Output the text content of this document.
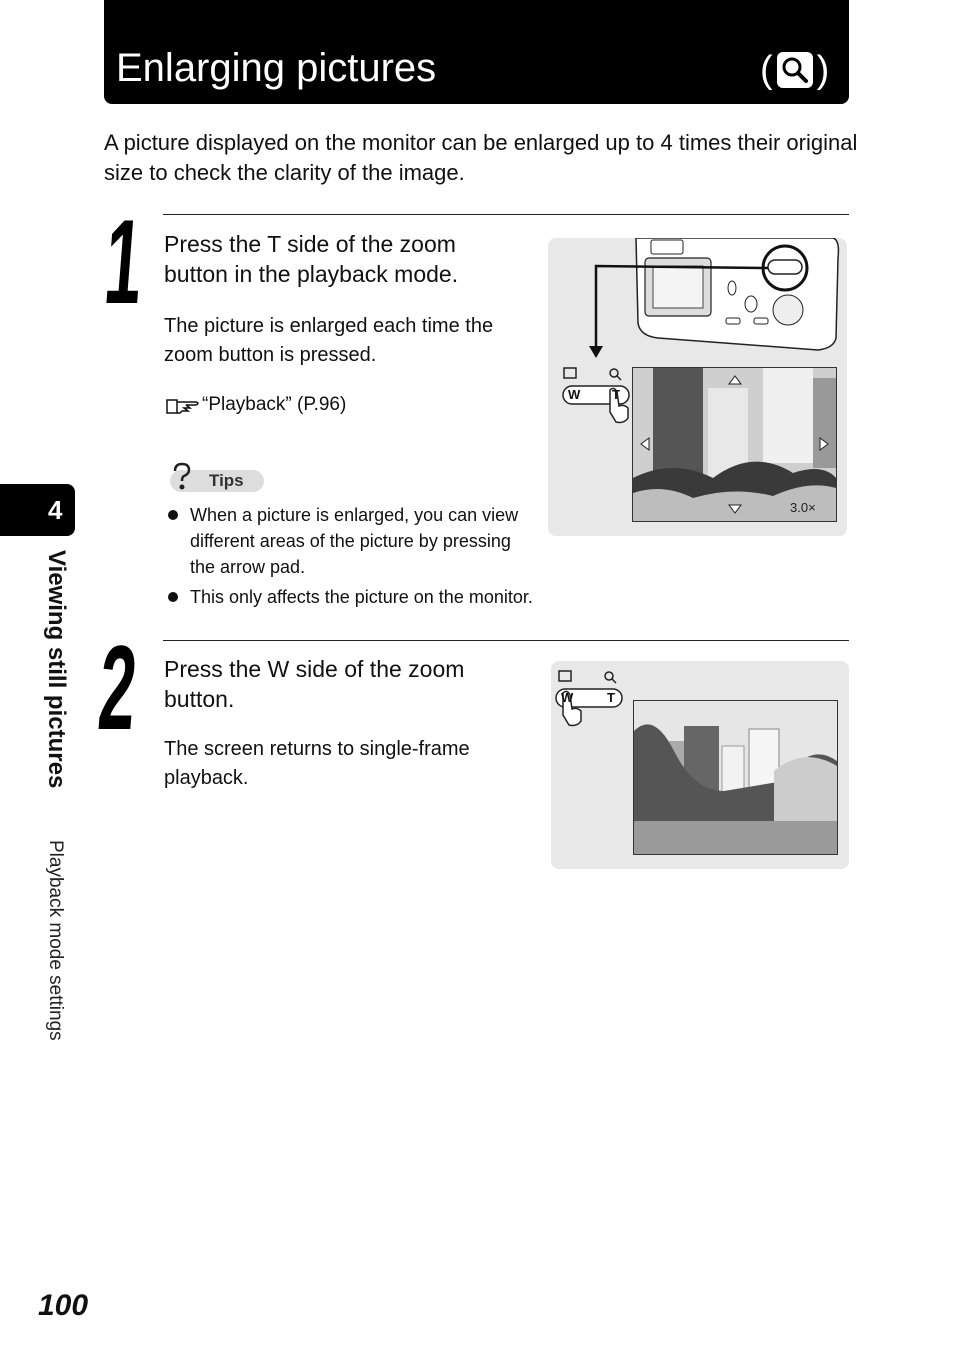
Enlarging pictures	( )
A picture displayed on the monitor can be enlarged up to 4 times their original size to check the clarity of the image.
1 Press the T side of the zoom button in the playback mode.
The picture is enlarged each time the zoom button is pressed.
“Playback” (P.96)
Tips
When a picture is enlarged, you can view different areas of the picture by pressing the arrow pad.
This only affects the picture on the monitor.
W T
3.0×
2 Press the W side of the zoom button.
The screen returns to single-frame playback.
W	T
4
Viewing still pictures
Playback mode settings
100
